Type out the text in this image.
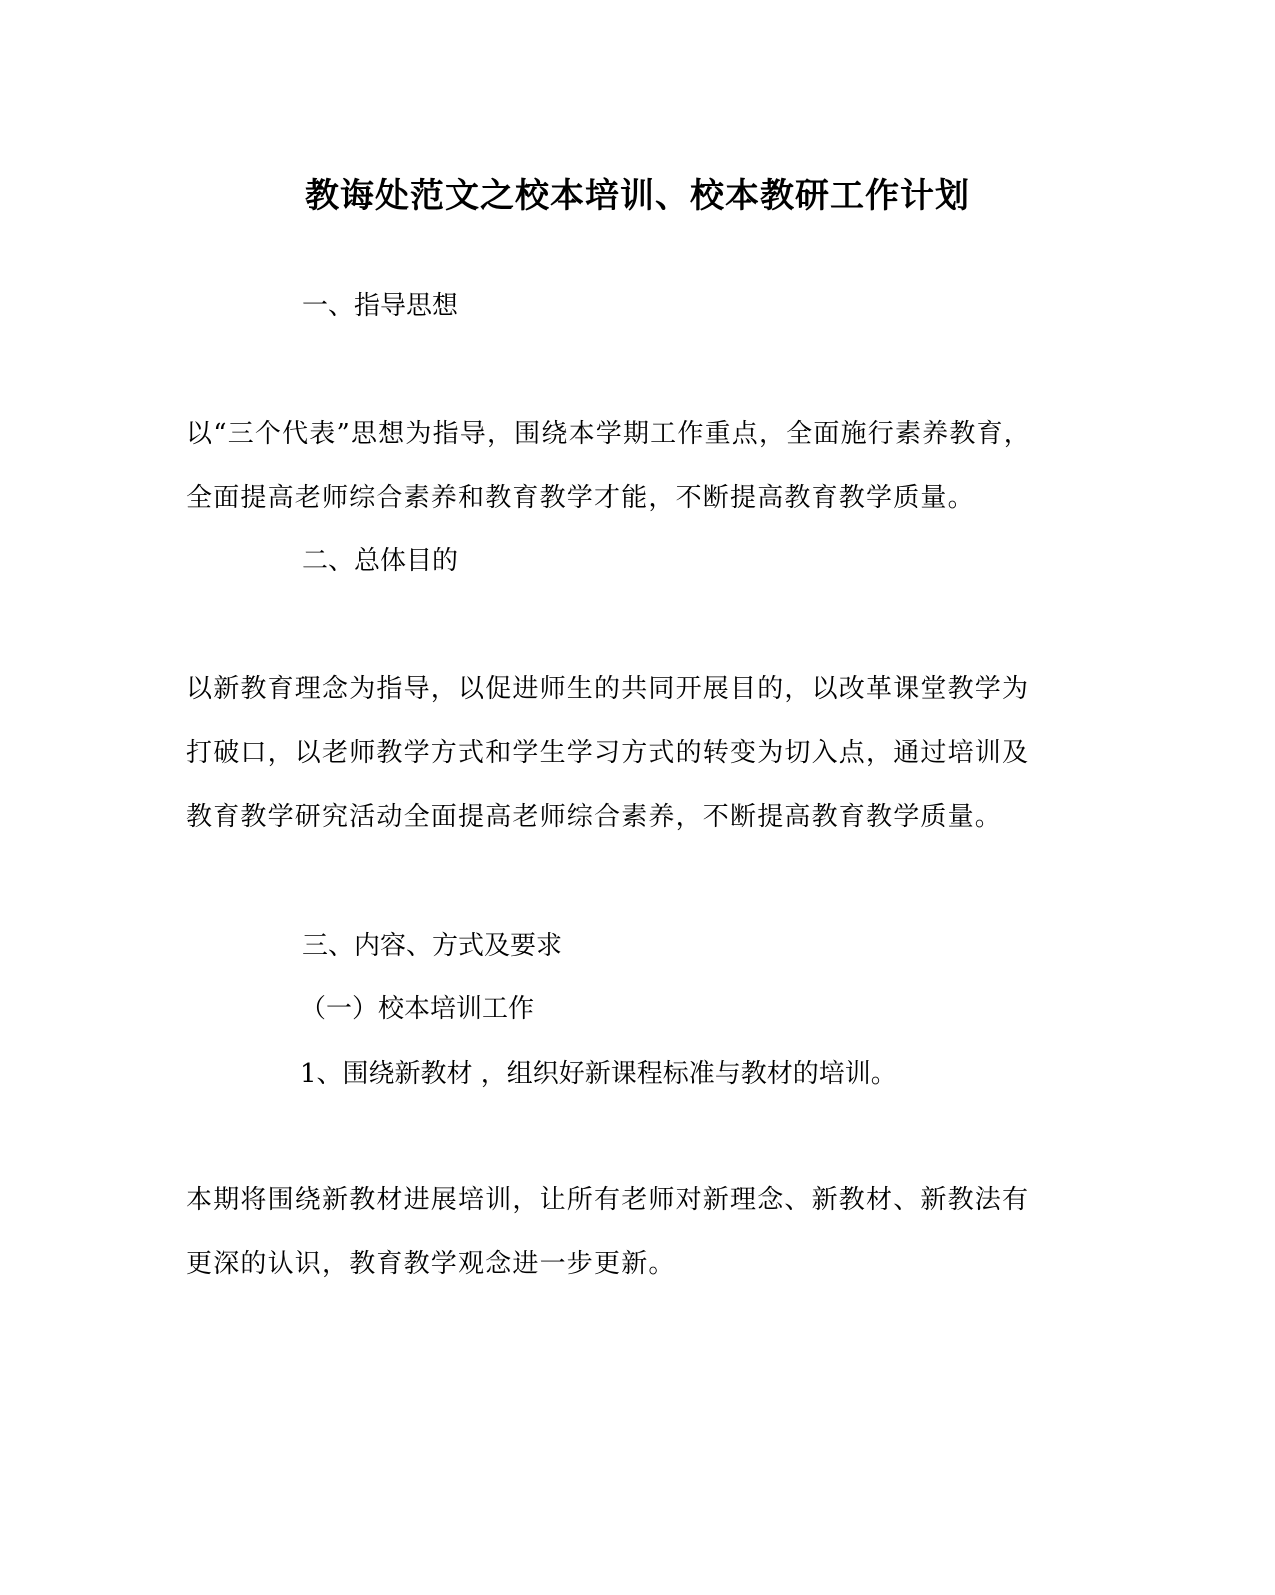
教诲处范文之校本培训、校本教研工作计划
一、指导思想
以“三个代表”思想为指导，围绕本学期工作重点，全面施行素养教育，全面提高老师综合素养和教育教学才能，不断提高教育教学质量。
二、总体目的
以新教育理念为指导，以促进师生的共同开展目的，以改革课堂教学为打破口，以老师教学方式和学生学习方式的转变为切入点，通过培训及教育教学研究活动全面提高老师综合素养，不断提高教育教学质量。
三、内容、方式及要求
（一）校本培训工作
1、围绕新教材 ，组织好新课程标准与教材的培训。
本期将围绕新教材进展培训，让所有老师对新理念、新教材、新教法有更深的认识，教育教学观念进一步更新。
